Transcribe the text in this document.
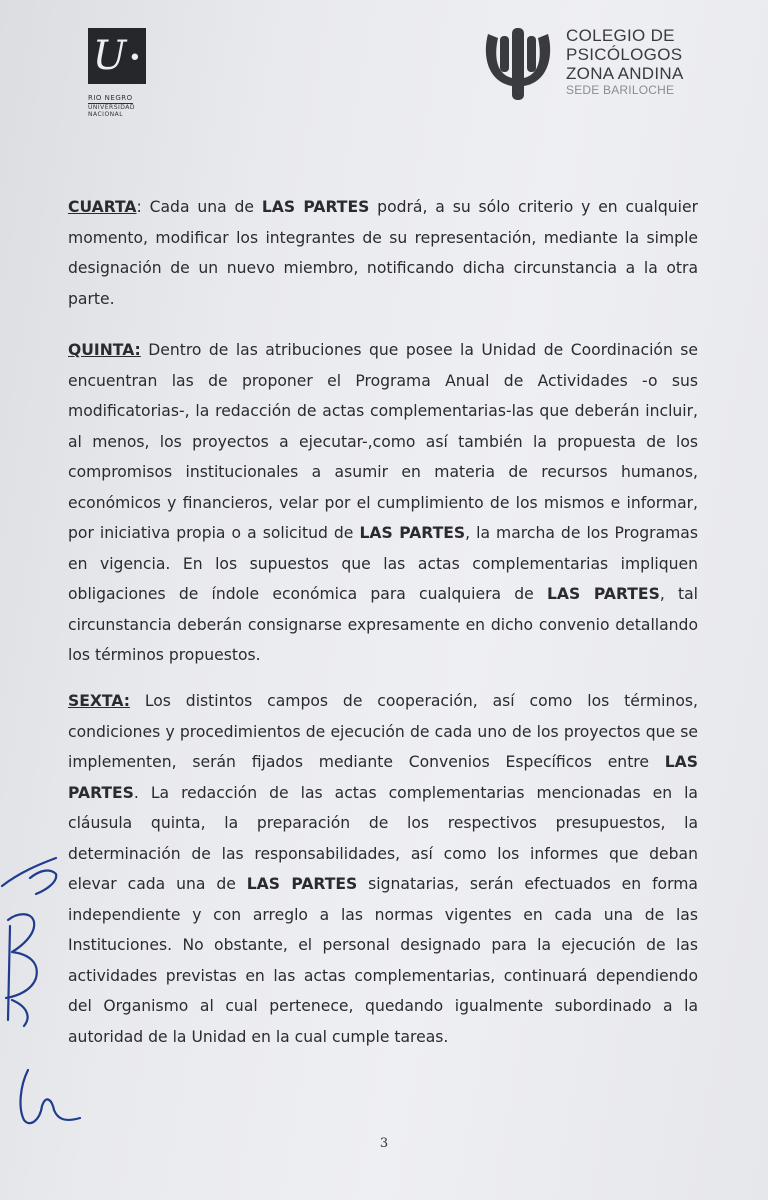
U •
RIO NEGRO
UNIVERSIDAD
NACIONAL
COLEGIO DE
PSICÓLOGOS
ZONA ANDINA
SEDE BARILOCHE
CUARTA: Cada una de LAS PARTES podrá, a su sólo criterio y en cualquier momento, modificar los integrantes de su representación, mediante la simple designación de un nuevo miembro, notificando dicha circunstancia a la otra parte.
QUINTA: Dentro de las atribuciones que posee la Unidad de Coordinación se encuentran las de proponer el Programa Anual de Actividades -o sus modificatorias-, la redacción de actas complementarias-las que deberán incluir, al menos, los proyectos a ejecutar-,como así también la propuesta de los compromisos institucionales a asumir en materia de recursos humanos, económicos y financieros, velar por el cumplimiento de los mismos e informar, por iniciativa propia o a solicitud de LAS PARTES, la marcha de los Programas en vigencia. En los supuestos que las actas complementarias impliquen obligaciones de índole económica para cualquiera de LAS PARTES, tal circunstancia deberán consignarse expresamente en dicho convenio detallando los términos propuestos.
SEXTA: Los distintos campos de cooperación, así como los términos, condiciones y procedimientos de ejecución de cada uno de los proyectos que se implementen, serán fijados mediante Convenios Específicos entre LAS PARTES. La redacción de las actas complementarias mencionadas en la cláusula quinta, la preparación de los respectivos presupuestos, la determinación de las responsabilidades, así como los informes que deban elevar cada una de LAS PARTES signatarias, serán efectuados en forma independiente y con arreglo a las normas vigentes en cada una de las Instituciones. No obstante, el personal designado para la ejecución de las actividades previstas en las actas complementarias, continuará dependiendo del Organismo al cual pertenece, quedando igualmente subordinado a la autoridad de la Unidad en la cual cumple tareas.
3
